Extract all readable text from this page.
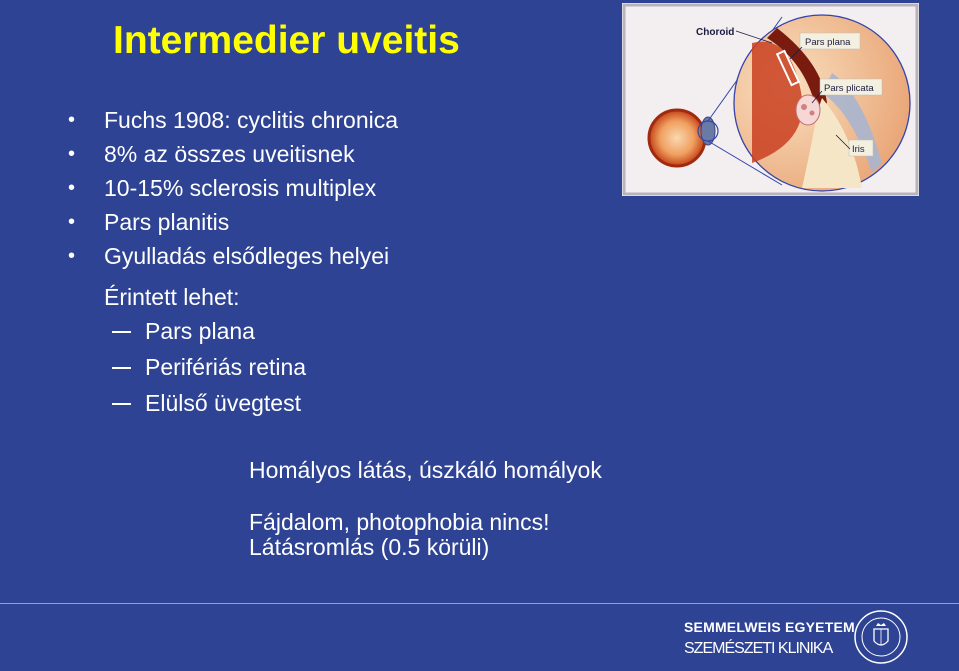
Intermedier uveitis
• Fuchs 1908: cyclitis chronica
• 8% az összes uveitisnek
• 10-15% sclerosis multiplex
• Pars planitis
• Gyulladás elsődleges helyei
Érintett lehet:
Pars plana
Perifériás retina
Elülső üvegtest
Homályos látás, úszkáló homályok
Fájdalom, photophobia nincs!
Látásromlás (0.5 körüli)
Choroid
Pars plana
Pars plicata
Iris
SEMMELWEIS EGYETEM
SZEMÉSZETI KLINIKA
